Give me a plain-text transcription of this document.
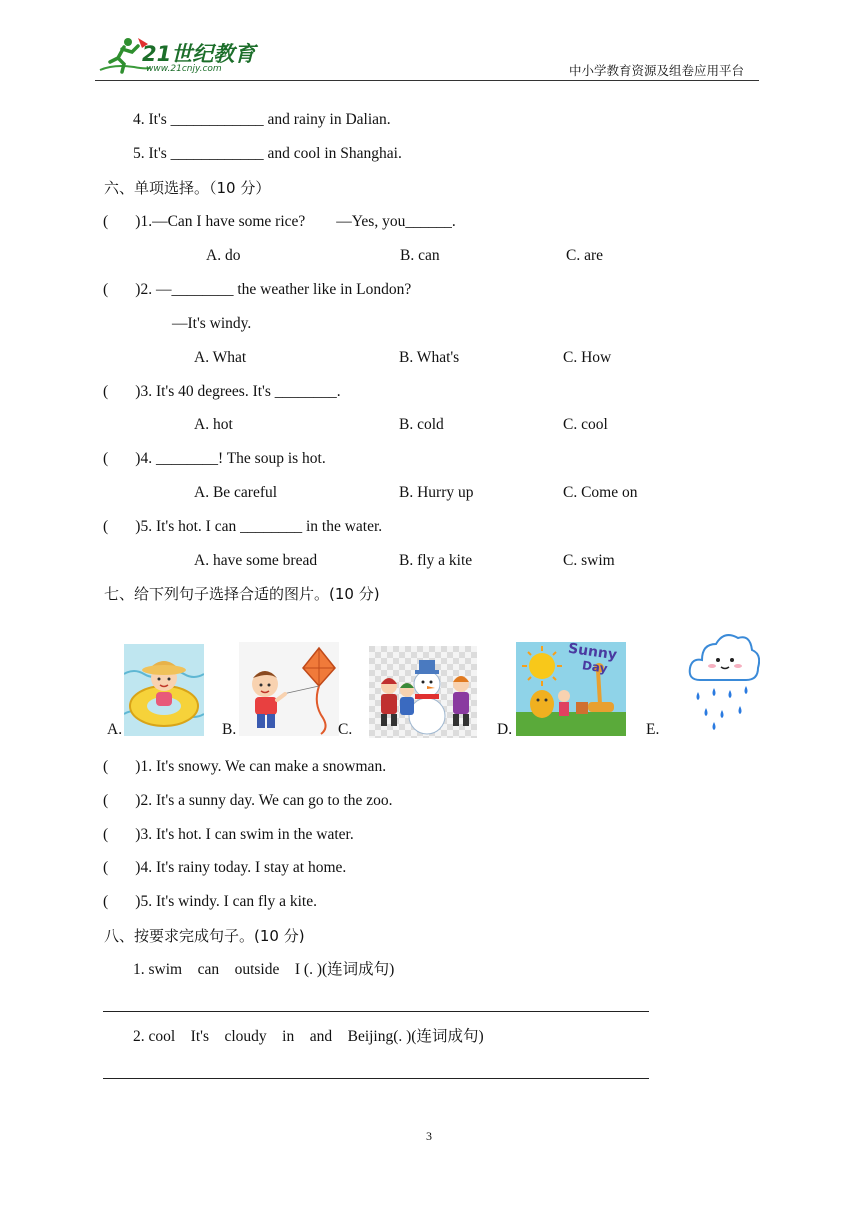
21世纪教育
www.21cnjy.com	中小学教育资源及组卷应用平台
4. It's ____________ and rainy in Dalian.
5. It's ____________ and cool in Shanghai.
六、单项选择。（10 分）
(       )1.—Can I have some rice?        —Yes, you______.
A. do	B. can	C. are
(       )2. —________ the weather like in London?
—It's windy.
A. What	B. What's	C. How
(       )3. It's 40 degrees. It's ________.
A. hot	B. cold	C. cool
(       )4. ________! The soup is hot.
A. Be careful	B. Hurry up	C. Come on
(       )5. It's hot. I can ________ in the water.
A. have some bread	B. fly a kite	C. swim
七、给下列句子选择合适的图片。(10 分)
A.	B.	C.	D.
Sunny
Day
E.
(       )1. It's snowy. We can make a snowman.
(       )2. It's a sunny day. We can go to the zoo.
(       )3. It's hot. I can swim in the water.
(       )4. It's rainy today. I stay at home.
(       )5. It's windy. I can fly a kite.
八、按要求完成句子。(10 分)
1. swim    can    outside    I (. )(连词成句)
2. cool    It's    cloudy    in    and    Beijing(. )(连词成句)
3
